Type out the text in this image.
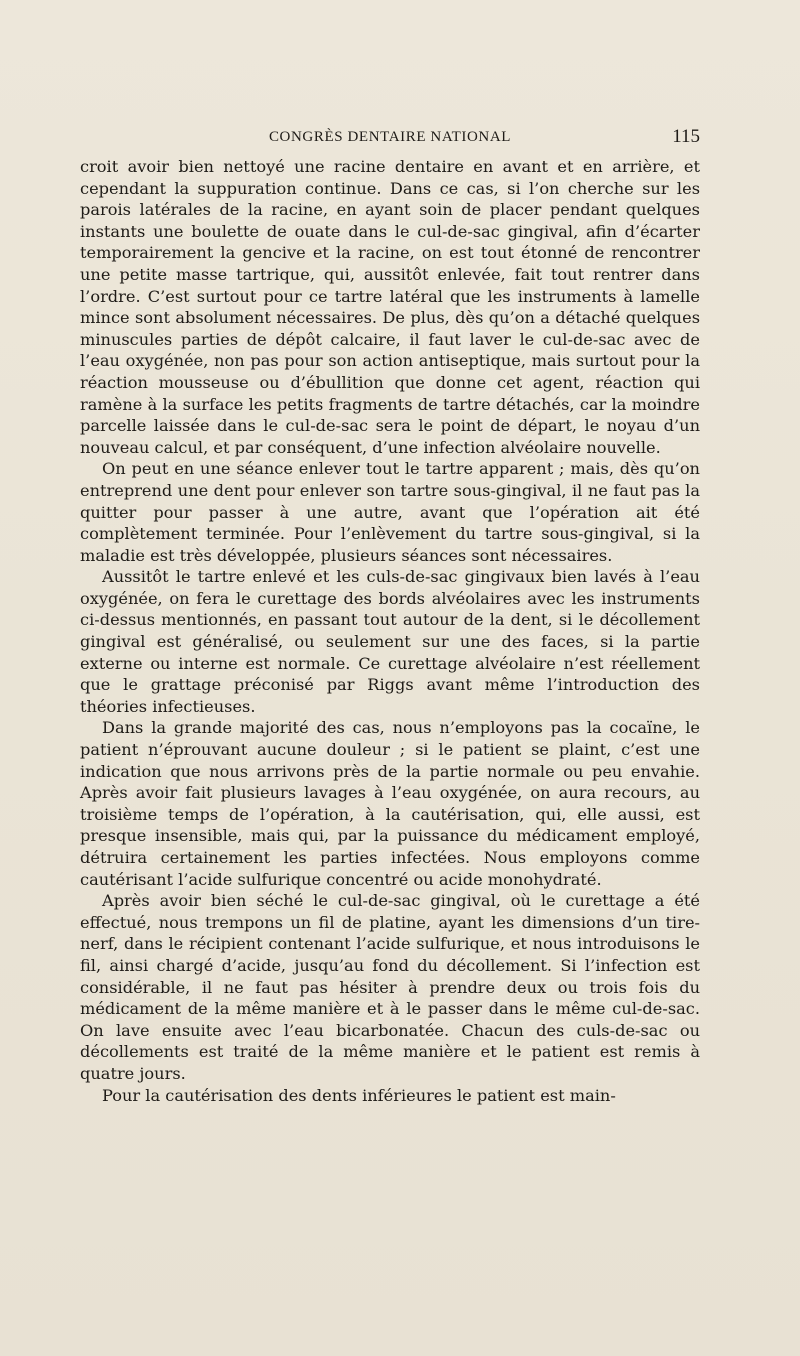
CONGRÈS DENTAIRE NATIONAL	115

croit avoir bien nettoyé une racine dentaire en avant et en arrière, et cependant la suppuration continue. Dans ce cas, si l’on cherche sur les parois latérales de la racine, en ayant soin de placer pendant quelques instants une boulette de ouate dans le cul-de-sac gingival, afin d’écarter temporairement la gencive et la racine, on est tout étonné de rencontrer une petite masse tartrique, qui, aussitôt enlevée, fait tout rentrer dans l’ordre. C’est surtout pour ce tartre latéral que les instruments à lamelle mince sont absolument nécessaires. De plus, dès qu’on a détaché quelques minuscules parties de dépôt calcaire, il faut laver le cul-de-sac avec de l’eau oxygénée, non pas pour son action antiseptique, mais surtout pour la réaction mousseuse ou d’ébullition que donne cet agent, réaction qui ramène à la surface les petits fragments de tartre détachés, car la moindre parcelle laissée dans le cul-de-sac sera le point de départ, le noyau d’un nouveau calcul, et par conséquent, d’une infection alvéolaire nouvelle.

On peut en une séance enlever tout le tartre apparent ; mais, dès qu’on entreprend une dent pour enlever son tartre sous-gingival, il ne faut pas la quitter pour passer à une autre, avant que l’opération ait été complètement terminée. Pour l’enlèvement du tartre sous-gingival, si la maladie est très développée, plusieurs séances sont nécessaires.

Aussitôt le tartre enlevé et les culs-de-sac gingivaux bien lavés à l’eau oxygénée, on fera le curettage des bords alvéolaires avec les instruments ci-dessus mentionnés, en passant tout autour de la dent, si le décollement gingival est généralisé, ou seulement sur une des faces, si la partie externe ou interne est normale. Ce curettage alvéolaire n’est réellement que le grattage préconisé par Riggs avant même l’introduction des théories infectieuses.

Dans la grande majorité des cas, nous n’employons pas la cocaïne, le patient n’éprouvant aucune douleur ; si le patient se plaint, c’est une indication que nous arrivons près de la partie normale ou peu envahie. Après avoir fait plusieurs lavages à l’eau oxygénée, on aura recours, au troisième temps de l’opération, à la cautérisation, qui, elle aussi, est presque insensible, mais qui, par la puissance du médicament employé, détruira certainement les parties infectées. Nous employons comme cautérisant l’acide sulfurique concentré ou acide monohydraté.

Après avoir bien séché le cul-de-sac gingival, où le curettage a été effectué, nous trempons un fil de platine, ayant les dimensions d’un tire-nerf, dans le récipient contenant l’acide sulfurique, et nous introduisons le fil, ainsi chargé d’acide, jusqu’au fond du décollement. Si l’infection est considérable, il ne faut pas hésiter à prendre deux ou trois fois du médicament de la même manière et à le passer dans le même cul-de-sac. On lave ensuite avec l’eau bicarbonatée. Chacun des culs-de-sac ou décollements est traité de la même manière et le patient est remis à quatre jours.

Pour la cautérisation des dents inférieures le patient est main-
